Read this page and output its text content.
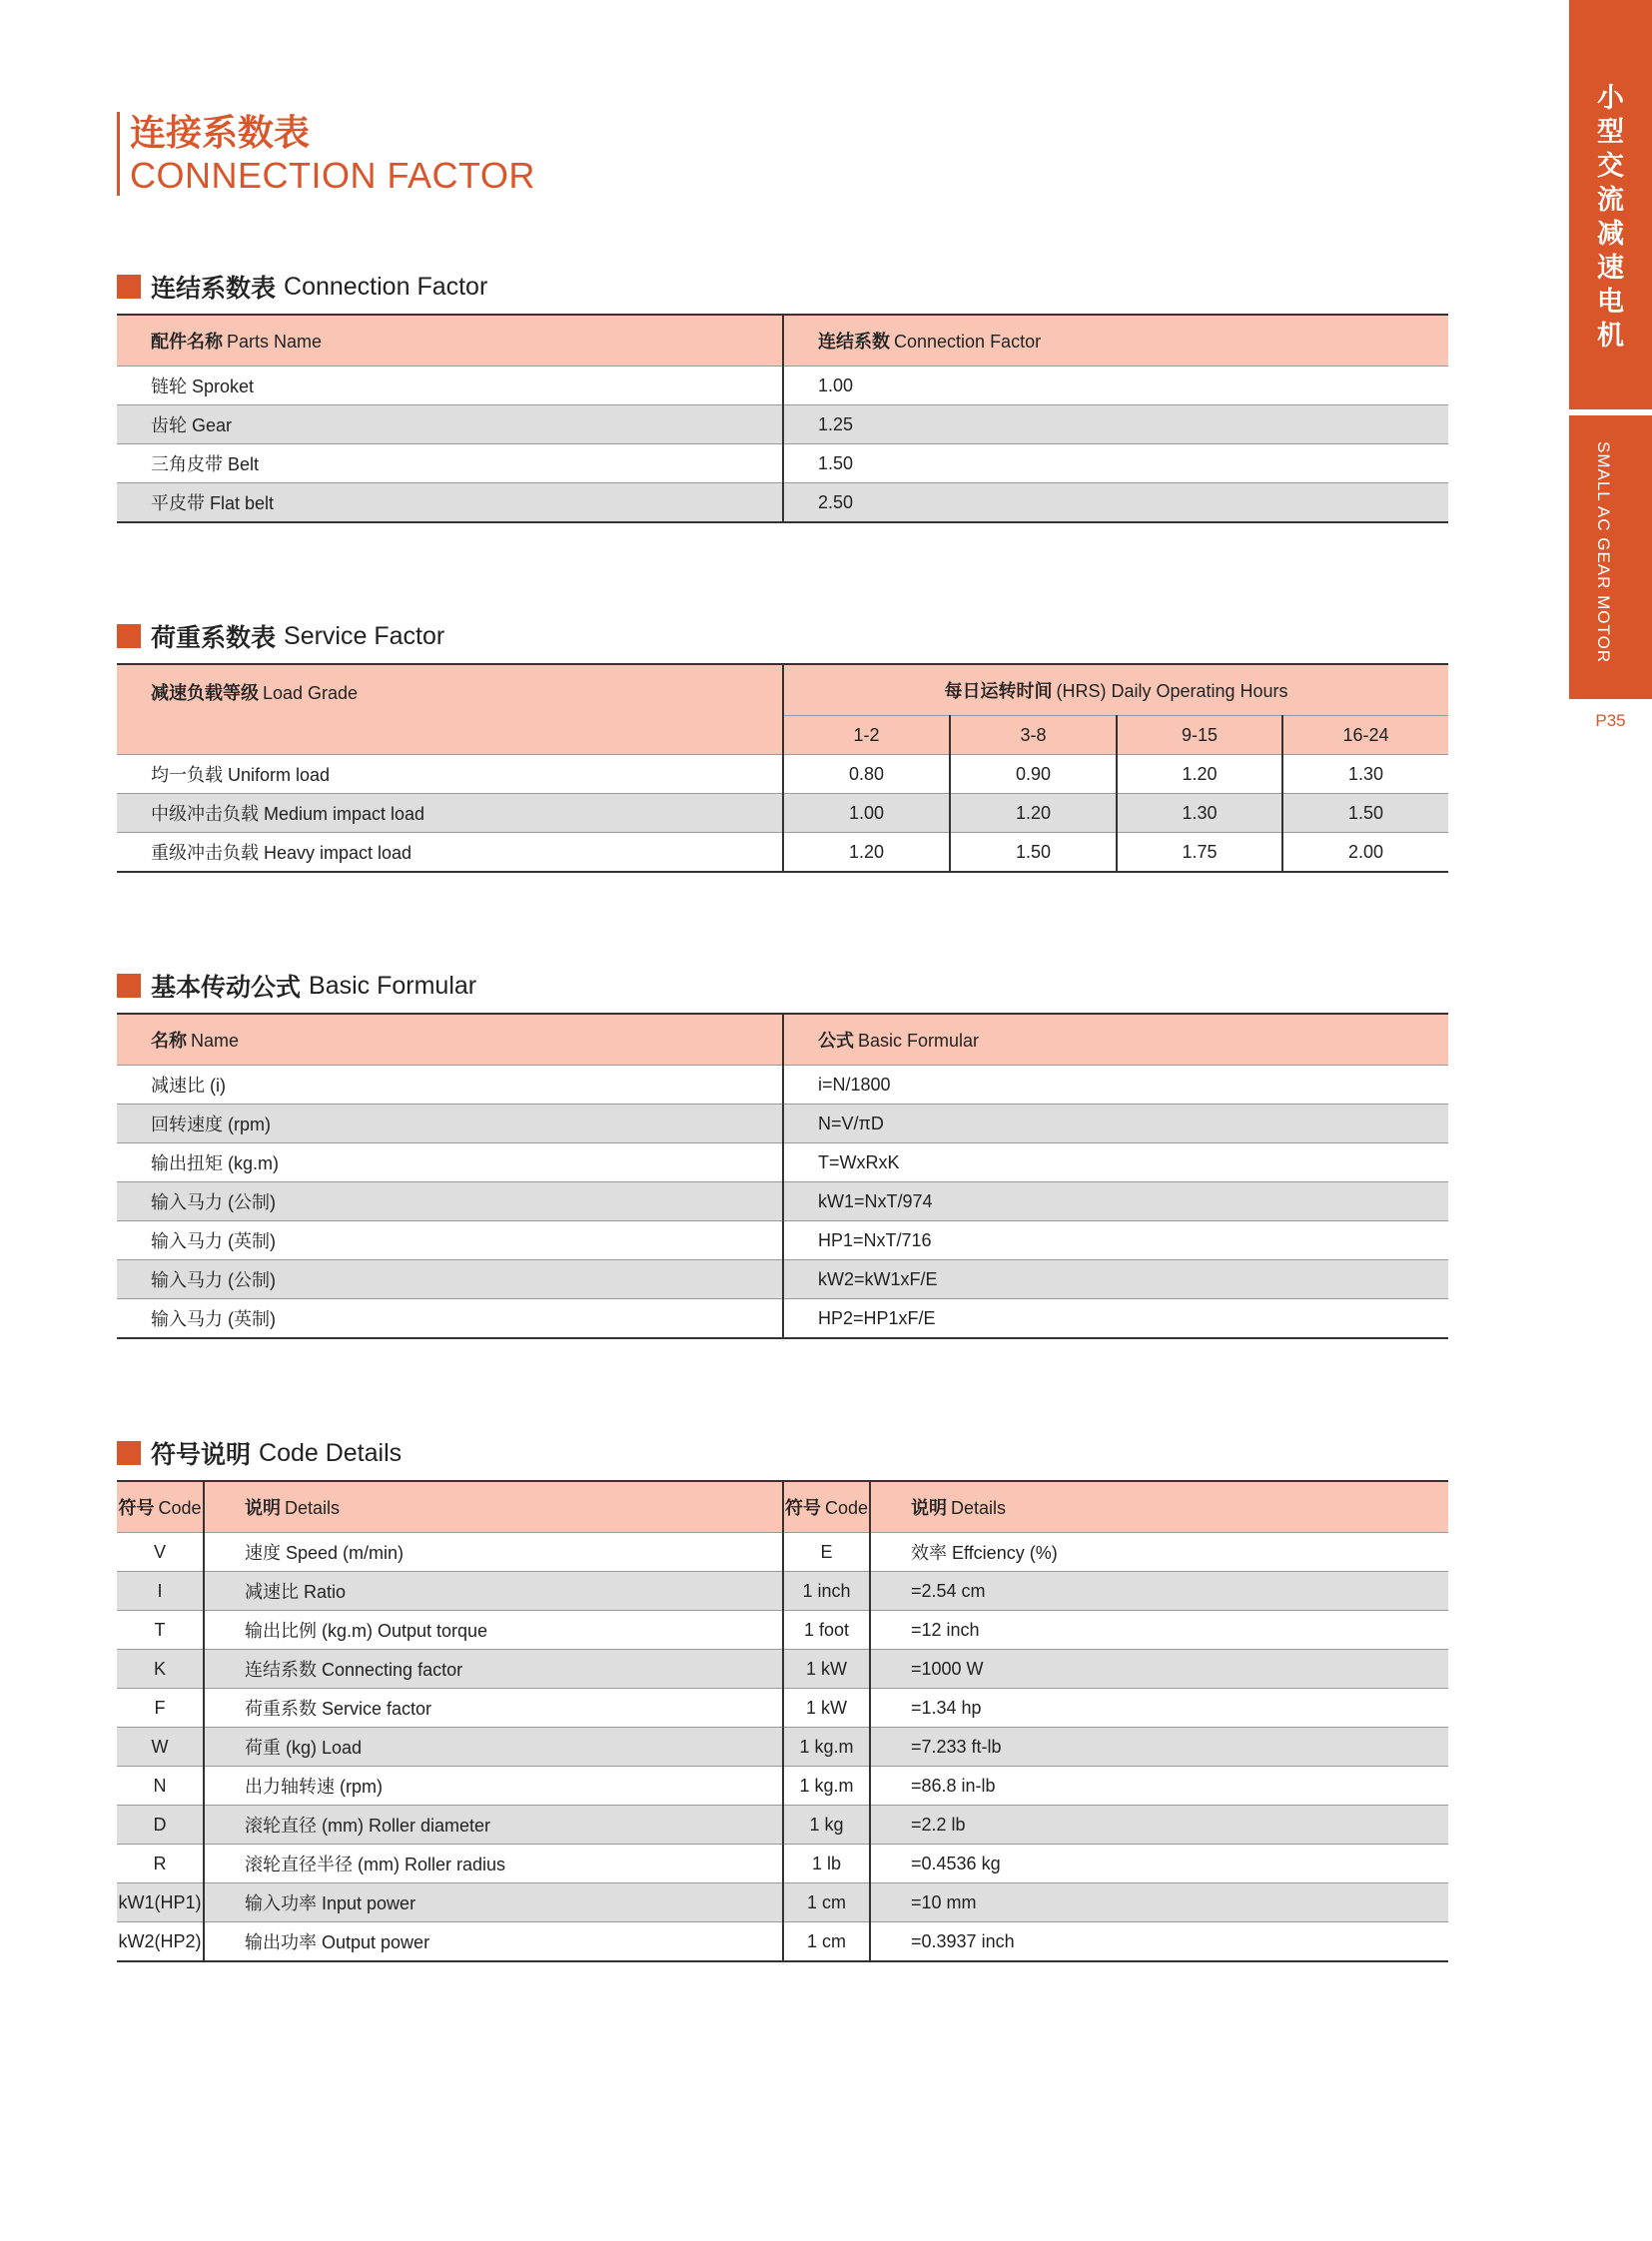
连接系数表
CONNECTION FACTOR
小
型
交
流
减
速
电
机
SMALL AC GEAR MOTOR
P35
连结系数表 Connection Factor
配件名称 Parts Name	连结系数 Connection Factor
链轮 Sproket	1.00
齿轮 Gear	1.25
三角皮带 Belt	1.50
平皮带 Flat belt	2.50
荷重系数表 Service Factor
减速负载等级 Load Grade	每日运转时间 (HRS) Daily Operating Hours			
	1-2	3-8	9-15	16-24
均一负载 Uniform load	0.80	0.90	1.20	1.30
中级冲击负载 Medium impact load	1.00	1.20	1.30	1.50
重级冲击负载 Heavy impact load	1.20	1.50	1.75	2.00
基本传动公式 Basic Formular
名称 Name	公式 Basic Formular
减速比 (i)	i=N/1800
回转速度 (rpm)	N=V/πD
输出扭矩 (kg.m)	T=WxRxK
输入马力 (公制)	kW1=NxT/974
输入马力 (英制)	HP1=NxT/716
输入马力 (公制)	kW2=kW1xF/E
输入马力 (英制)	HP2=HP1xF/E
符号说明 Code Details
符号 Code	说明 Details	符号 Code	说明 Details
V	速度 Speed (m/min)	E	效率 Effciency (%)
I	减速比 Ratio	1 inch	=2.54 cm
T	输出比例 (kg.m) Output torque	1 foot	=12 inch
K	连结系数 Connecting factor	1 kW	=1000 W
F	荷重系数 Service factor	1 kW	=1.34 hp
W	荷重 (kg) Load	1 kg.m	=7.233 ft-lb
N	出力轴转速 (rpm)	1 kg.m	=86.8 in-lb
D	滚轮直径 (mm) Roller diameter	1 kg	=2.2 lb
R	滚轮直径半径 (mm) Roller radius	1 lb	=0.4536 kg
kW1(HP1)	输入功率 Input power	1 cm	=10 mm
kW2(HP2)	输出功率 Output power	1 cm	=0.3937 inch
